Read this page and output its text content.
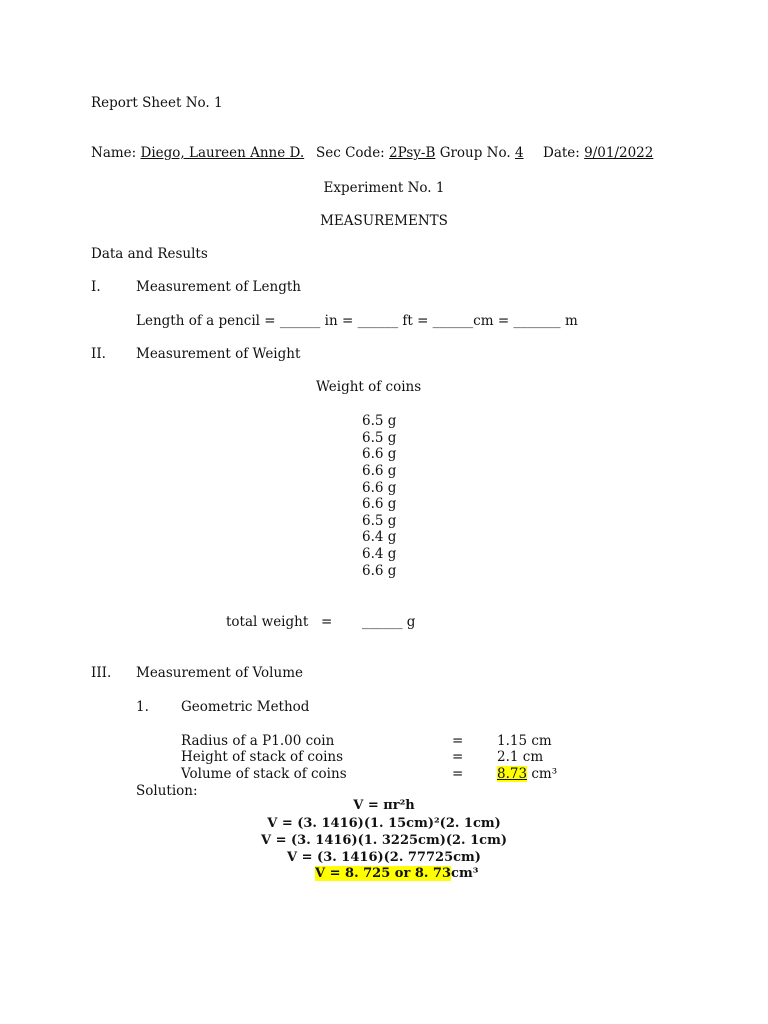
Report Sheet No. 1
Name: Diego, Laureen Anne D. Sec Code: 2Psy-B Group No. 4 Date: 9/01/2022
Experiment No. 1
MEASUREMENTS
Data and Results
I.	Measurement of Length
Length of a pencil = ______ in = ______ ft = ______cm = _______ m
II. Measurement of Weight
Weight of coins
6.5 g
6.5 g
6.6 g
6.6 g
6.6 g
6.6 g
6.5 g
6.4 g
6.4 g
6.6 g
total weight = ______ g
III. Measurement of Volume
1. Geometric Method
Radius of a P1.00 coin	= 1.15 cm
Height of stack of coins	= 2.1 cm
Volume of stack of coins	= 8.73 cm³
Solution:
V = πr²h
V = (3. 1416)(1. 15cm)²(2. 1cm)
V = (3. 1416)(1. 3225cm)(2. 1cm)
V = (3. 1416)(2. 77725cm)
V = 8. 725 or 8. 73cm³
